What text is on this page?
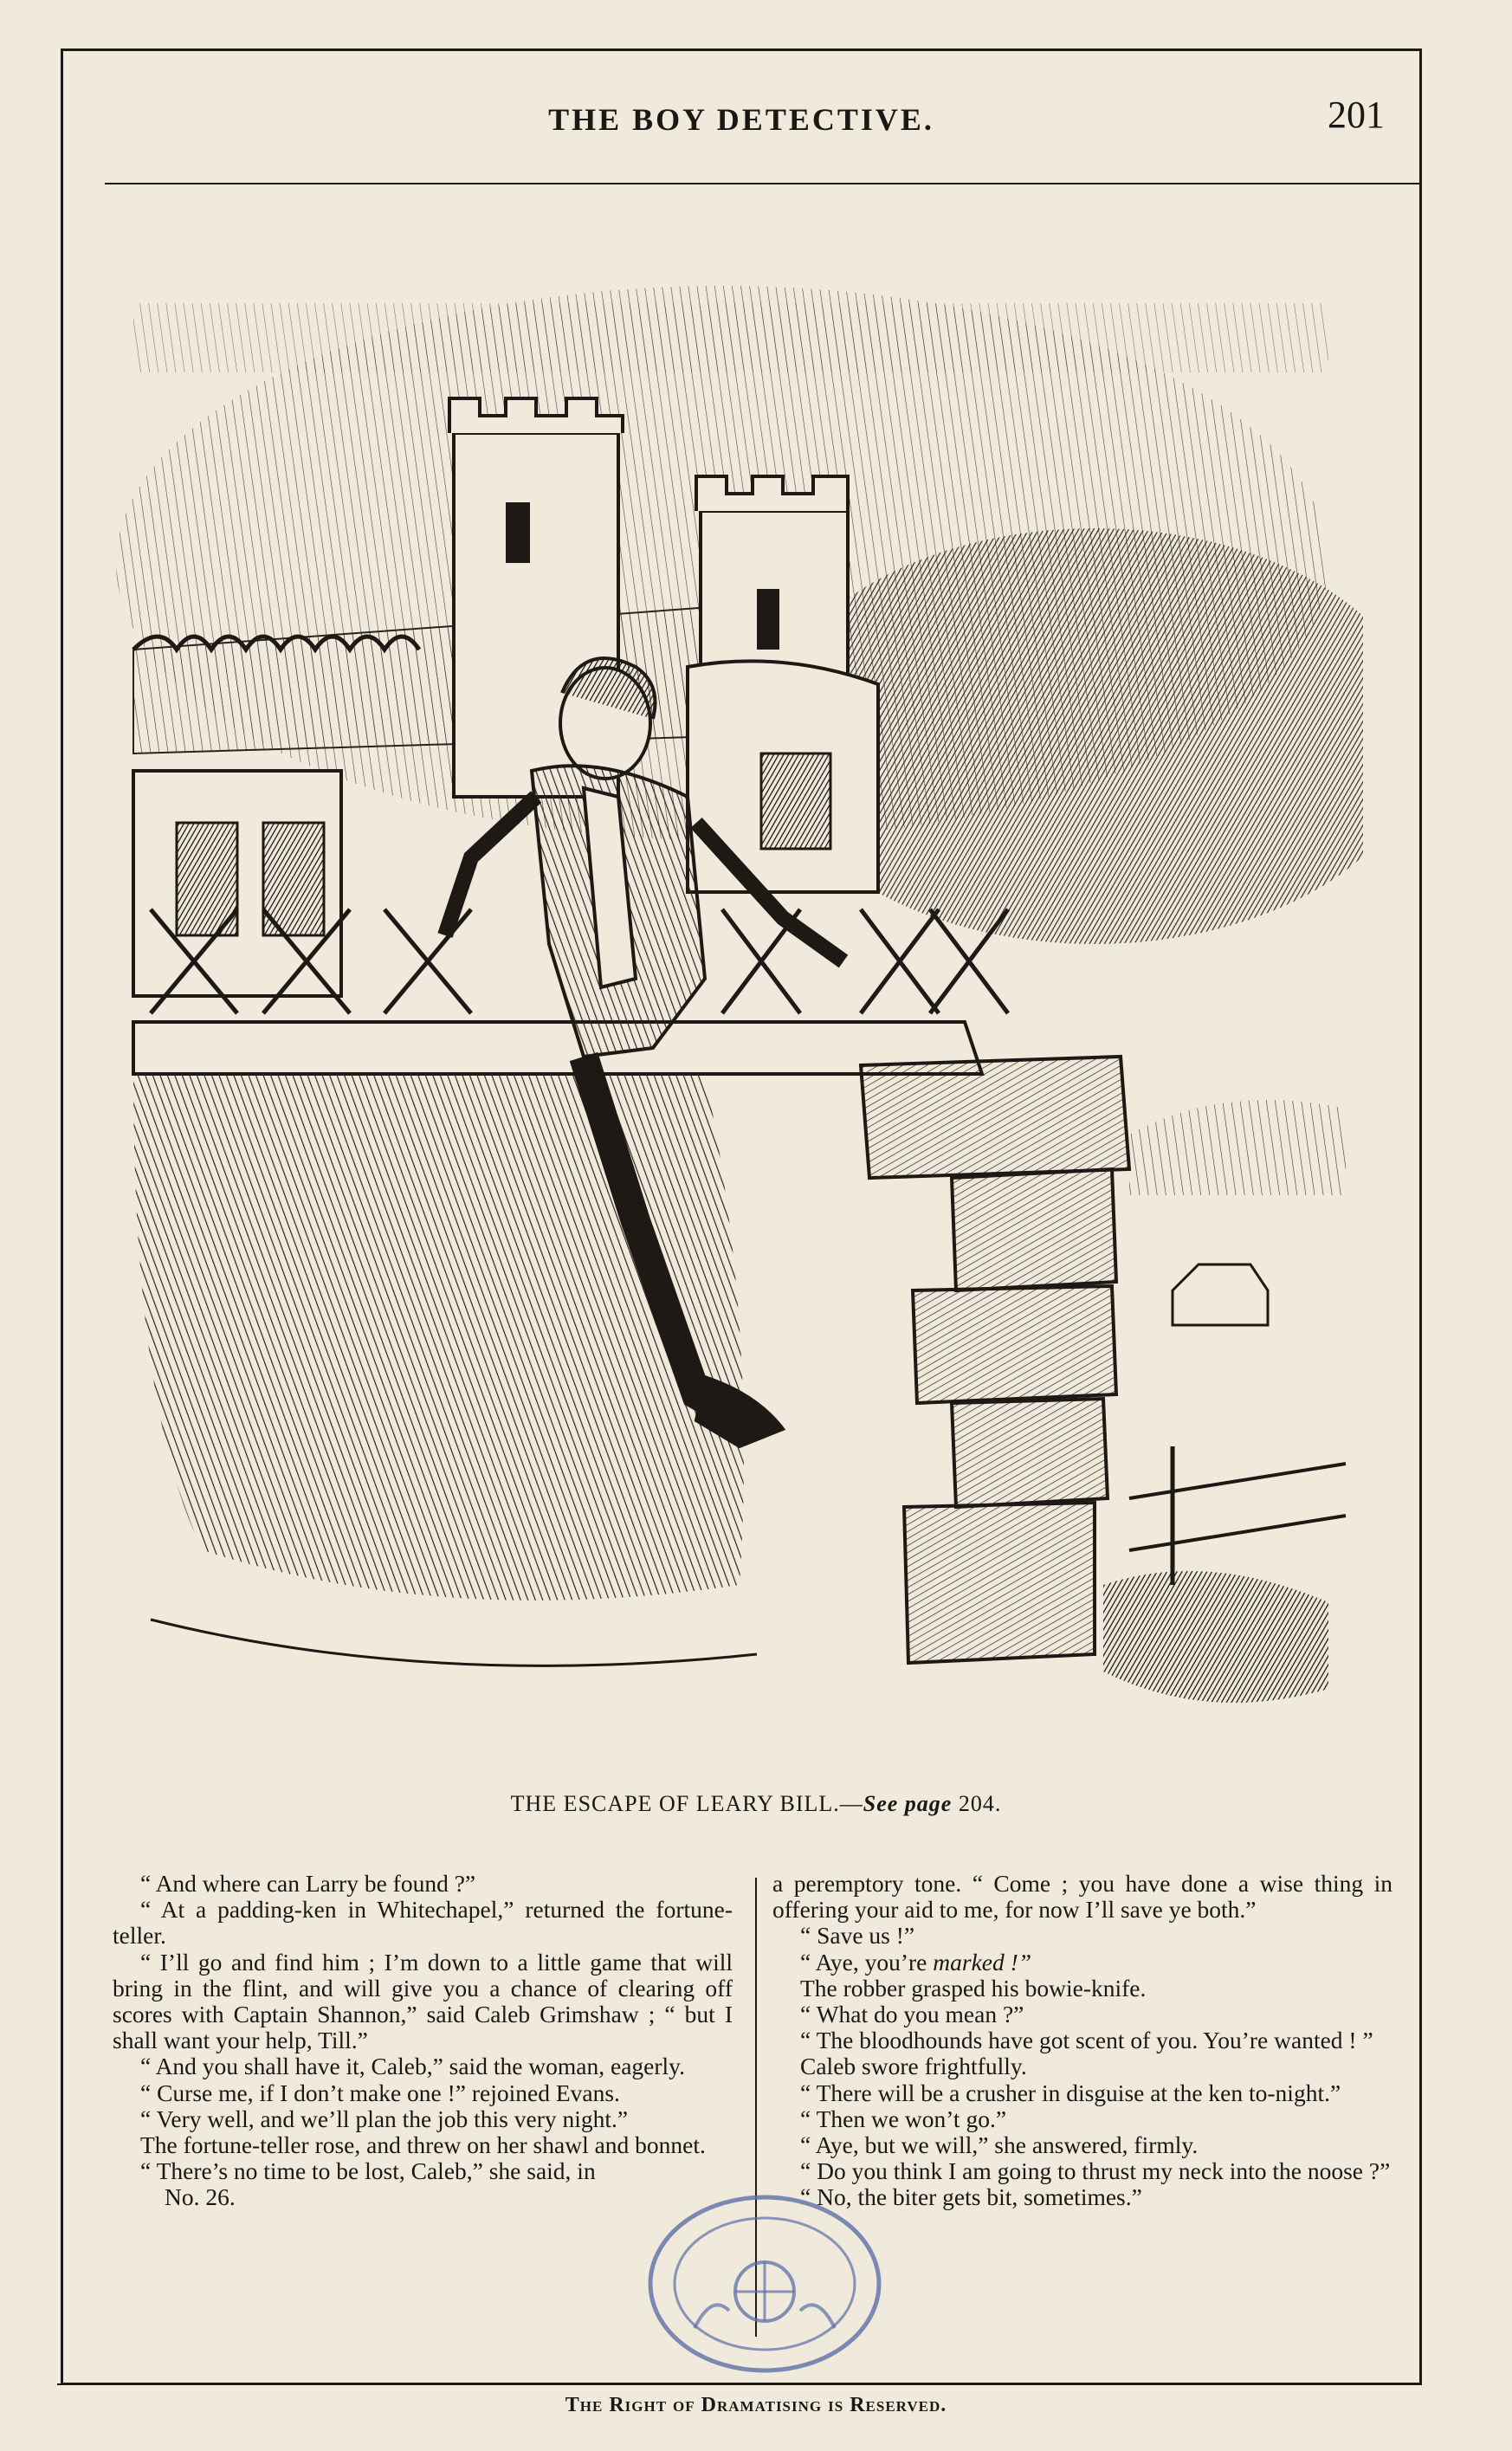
THE BOY DETECTIVE.	201
THE ESCAPE OF LEARY BILL.—See page 204.

“ And where can Larry be found ?”

“ At a padding-ken in Whitechapel,” returned the fortune-teller.

“ I’ll go and find him ; I’m down to a little game that will bring in the flint, and will give you a chance of clearing off scores with Captain Shannon,” said Caleb Grimshaw ; “ but I shall want your help, Till.”

“ And you shall have it, Caleb,” said the woman, eagerly.

“ Curse me, if I don’t make one !” rejoined Evans.

“ Very well, and we’ll plan the job this very night.”

The fortune-teller rose, and threw on her shawl and bonnet.

“ There’s no time to be lost, Caleb,” she said, in

No. 26.

a peremptory tone. “ Come ; you have done a wise thing in offering your aid to me, for now I’ll save ye both.”

“ Save us !”

“ Aye, you’re marked !”

The robber grasped his bowie-knife.

“ What do you mean ?”

“ The bloodhounds have got scent of you. You’re wanted ! ”

Caleb swore frightfully.

“ There will be a crusher in disguise at the ken to-night.”

“ Then we won’t go.”

“ Aye, but we will,” she answered, firmly.

“ Do you think I am going to thrust my neck into the noose ?”

“ No, the biter gets bit, sometimes.”

The Right of Dramatising is Reserved.
